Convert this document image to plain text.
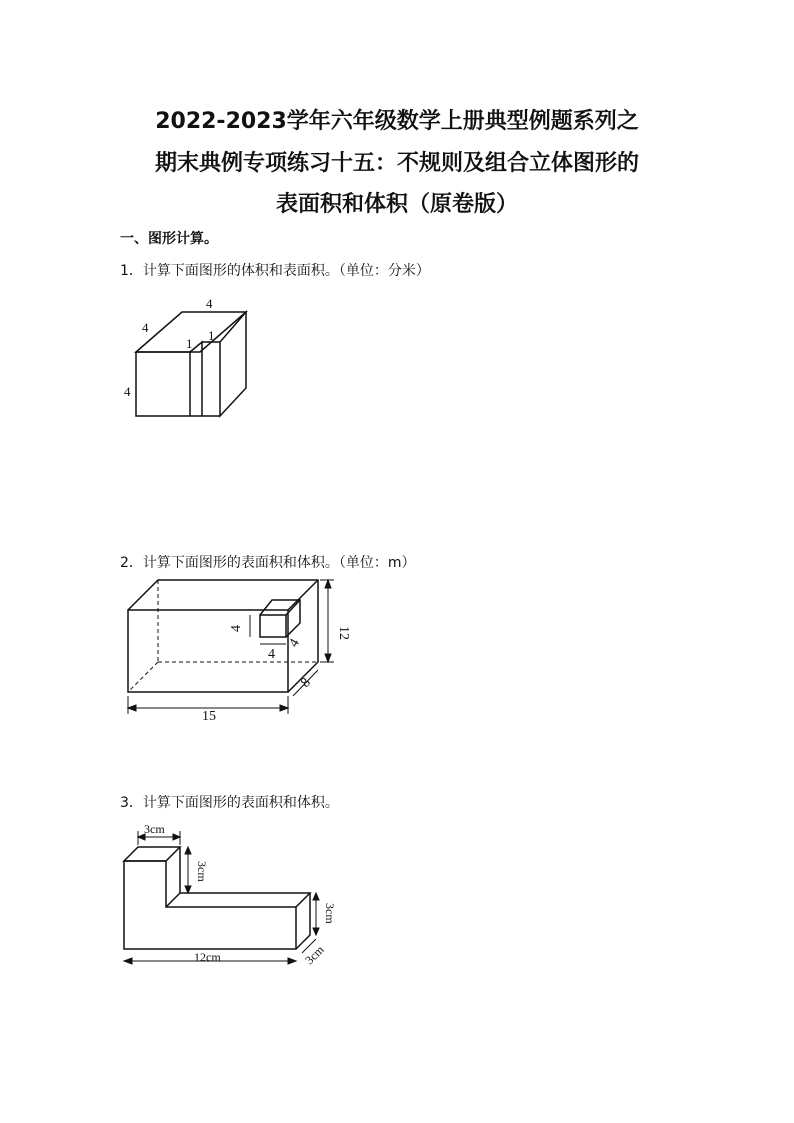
2022-2023学年六年级数学上册典型例题系列之
期末典例专项练习十五：不规则及组合立体图形的
表面积和体积（原卷版）
一、图形计算。
1．计算下面图形的体积和表面积。（单位：分米）
4
4
1
1
4
2．计算下面图形的表面积和体积。（单位：m）
15
12
8
4
4
4
3．计算下面图形的表面积和体积。
3cm
3cm
3cm
12cm	3cm
